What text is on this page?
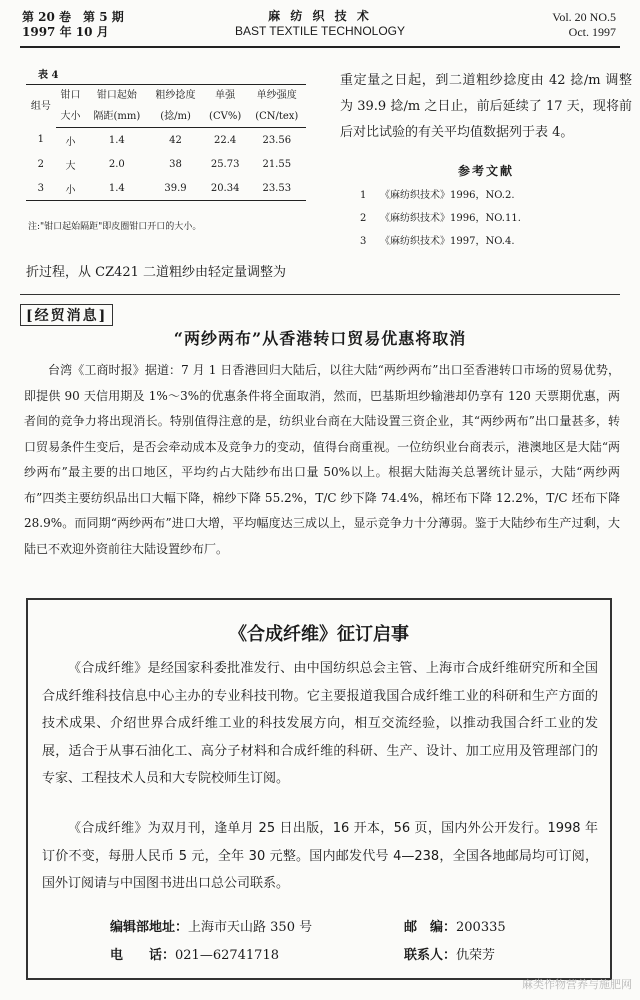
第 20 卷　第 5 期
1997 年 10 月
麻 纺 织 技 术
BAST TEXTILE TECHNOLOGY
Vol. 20 NO.5
Oct. 1997
表 4
组号	钳口	钳口起始	粗纱捻度	单强	单纱强度
	大小	隔距(mm)	(捻/m)	(CV%)	(CN/tex)
1	小	1.4	42	22.4	23.56
2	大	2.0	38	25.73	21.55
3	小	1.4	39.9	20.34	23.53
注:"钳口起始隔距"即皮圈钳口开口的大小。
重定量之日起，到二道粗纱捻度由 42 捻/m 调整为 39.9 捻/m 之日止，前后延续了 17 天，现将前后对比试验的有关平均值数据列于表 4。
参考文献
1 《麻纺织技术》1996，NO.2.
2 《麻纺织技术》1996，NO.11.
3 《麻纺织技术》1997，NO.4.
折过程，从 CZ421 二道粗纱由轻定量调整为
[经贸消息]
“两纱两布”从香港转口贸易优惠将取消
台湾《工商时报》据道：7 月 1 日香港回归大陆后，以往大陆“两纱两布”出口至香港转口市场的贸易优势，即提供 90 天信用期及 1%～3%的优惠条件将全面取消，然而，巴基斯坦纱输港却仍享有 120 天票期优惠，两者间的竞争力将出现消长。特别值得注意的是，纺织业台商在大陆设置三资企业，其“两纱两布”出口量甚多，转口贸易条件生变后，是否会牵动成本及竞争力的变动，值得台商重视。一位纺织业台商表示，港澳地区是大陆“两纱两布”最主要的出口地区，平均约占大陆纱布出口量 50%以上。根据大陆海关总署统计显示，大陆“两纱两布”四类主要纺织品出口大幅下降，棉纱下降 55.2%，T/C 纱下降 74.4%，棉坯布下降 12.2%，T/C 坯布下降 28.9%。而同期“两纱两布”进口大增，平均幅度达三成以上，显示竞争力十分薄弱。鉴于大陆纱布生产过剩，大陆已不欢迎外资前往大陆设置纱布厂。
《合成纤维》征订启事
《合成纤维》是经国家科委批准发行、由中国纺织总会主管、上海市合成纤维研究所和全国合成纤维科技信息中心主办的专业科技刊物。它主要报道我国合成纤维工业的科研和生产方面的技术成果、介绍世界合成纤维工业的科技发展方向，相互交流经验，以推动我国合纤工业的发展，适合于从事石油化工、高分子材料和合成纤维的科研、生产、设计、加工应用及管理部门的专家、工程技术人员和大专院校师生订阅。
《合成纤维》为双月刊，逢单月 25 日出版，16 开本，56 页，国内外公开发行。1998 年订价不变，每册人民币 5 元，全年 30 元整。国内邮发代号 4—238，全国各地邮局均可订阅，国外订阅请与中国图书进出口总公司联系。
编辑部地址：上海市天山路 350 号	邮　编：200335
电　　话：021—62741718	联系人：仇荣芳
麻类作物营养与施肥网
